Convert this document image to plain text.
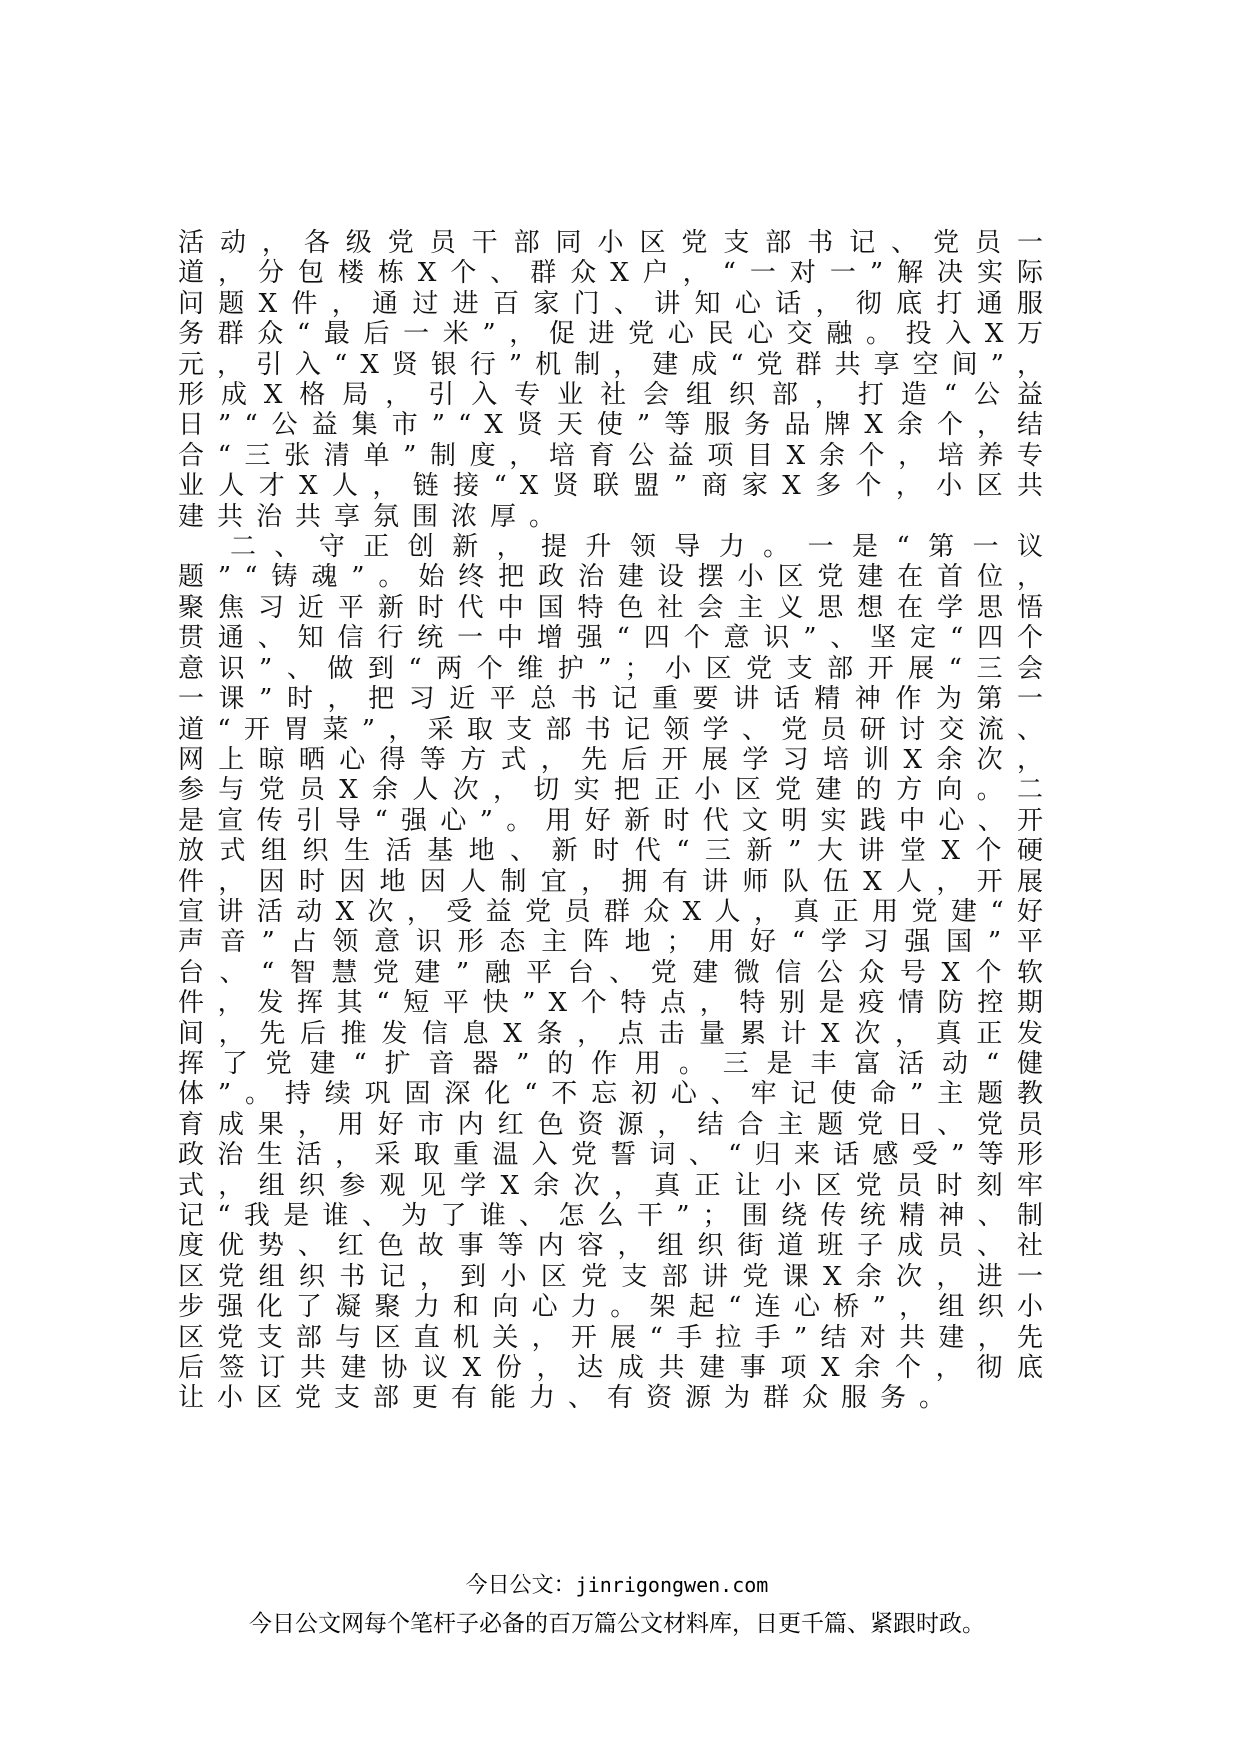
活动，各级党员干部同小区党支部书记、党员一道，分包楼栋X个、群众X户，“一对一”解决实际问题X件，通过进百家门、讲知心话，彻底打通服务群众“最后一米”，促进党心民心交融。投入X万元，引入“X贤银行”机制，建成“党群共享空间”，形成X格局，引入专业社会组织部，打造“公益日”“公益集市”“X贤天使”等服务品牌X余个，结合“三张清单”制度，培育公益项目X余个，培养专业人才X人，链接“X贤联盟”商家X多个，小区共建共治共享氛围浓厚。

二、守正创新，提升领导力。一是“第一议题”“铸魂”。始终把政治建设摆小区党建在首位，聚焦习近平新时代中国特色社会主义思想在学思悟贯通、知信行统一中增强“四个意识”、坚定“四个意识”、做到“两个维护”；小区党支部开展“三会一课”时，把习近平总书记重要讲话精神作为第一道“开胃菜”，采取支部书记领学、党员研讨交流、网上晾晒心得等方式，先后开展学习培训X余次，参与党员X余人次，切实把正小区党建的方向。二是宣传引导“强心”。用好新时代文明实践中心、开放式组织生活基地、新时代“三新”大讲堂X个硬件，因时因地因人制宜，拥有讲师队伍X人，开展宣讲活动X次，受益党员群众X人，真正用党建“好声音”占领意识形态主阵地；用好“学习强国”平台、“智慧党建”融平台、党建微信公众号X个软件，发挥其“短平快”X个特点，特别是疫情防控期间，先后推发信息X条，点击量累计X次，真正发挥了党建“扩音器”的作用。三是丰富活动“健体”。持续巩固深化“不忘初心、牢记使命”主题教育成果，用好市内红色资源，结合主题党日、党员政治生活，采取重温入党誓词、“归来话感受”等形式，组织参观见学X余次，真正让小区党员时刻牢记“我是谁、为了谁、怎么干”；围绕传统精神、制度优势、红色故事等内容，组织街道班子成员、社区党组织书记，到小区党支部讲党课X余次，进一步强化了凝聚力和向心力。架起“连心桥”，组织小区党支部与区直机关，开展“手拉手”结对共建，先后签订共建协议X份，达成共建事项X余个，彻底让小区党支部更有能力、有资源为群众服务。

今日公文：jinrigongwen.com
今日公文网每个笔杆子必备的百万篇公文材料库，日更千篇、紧跟时政。
